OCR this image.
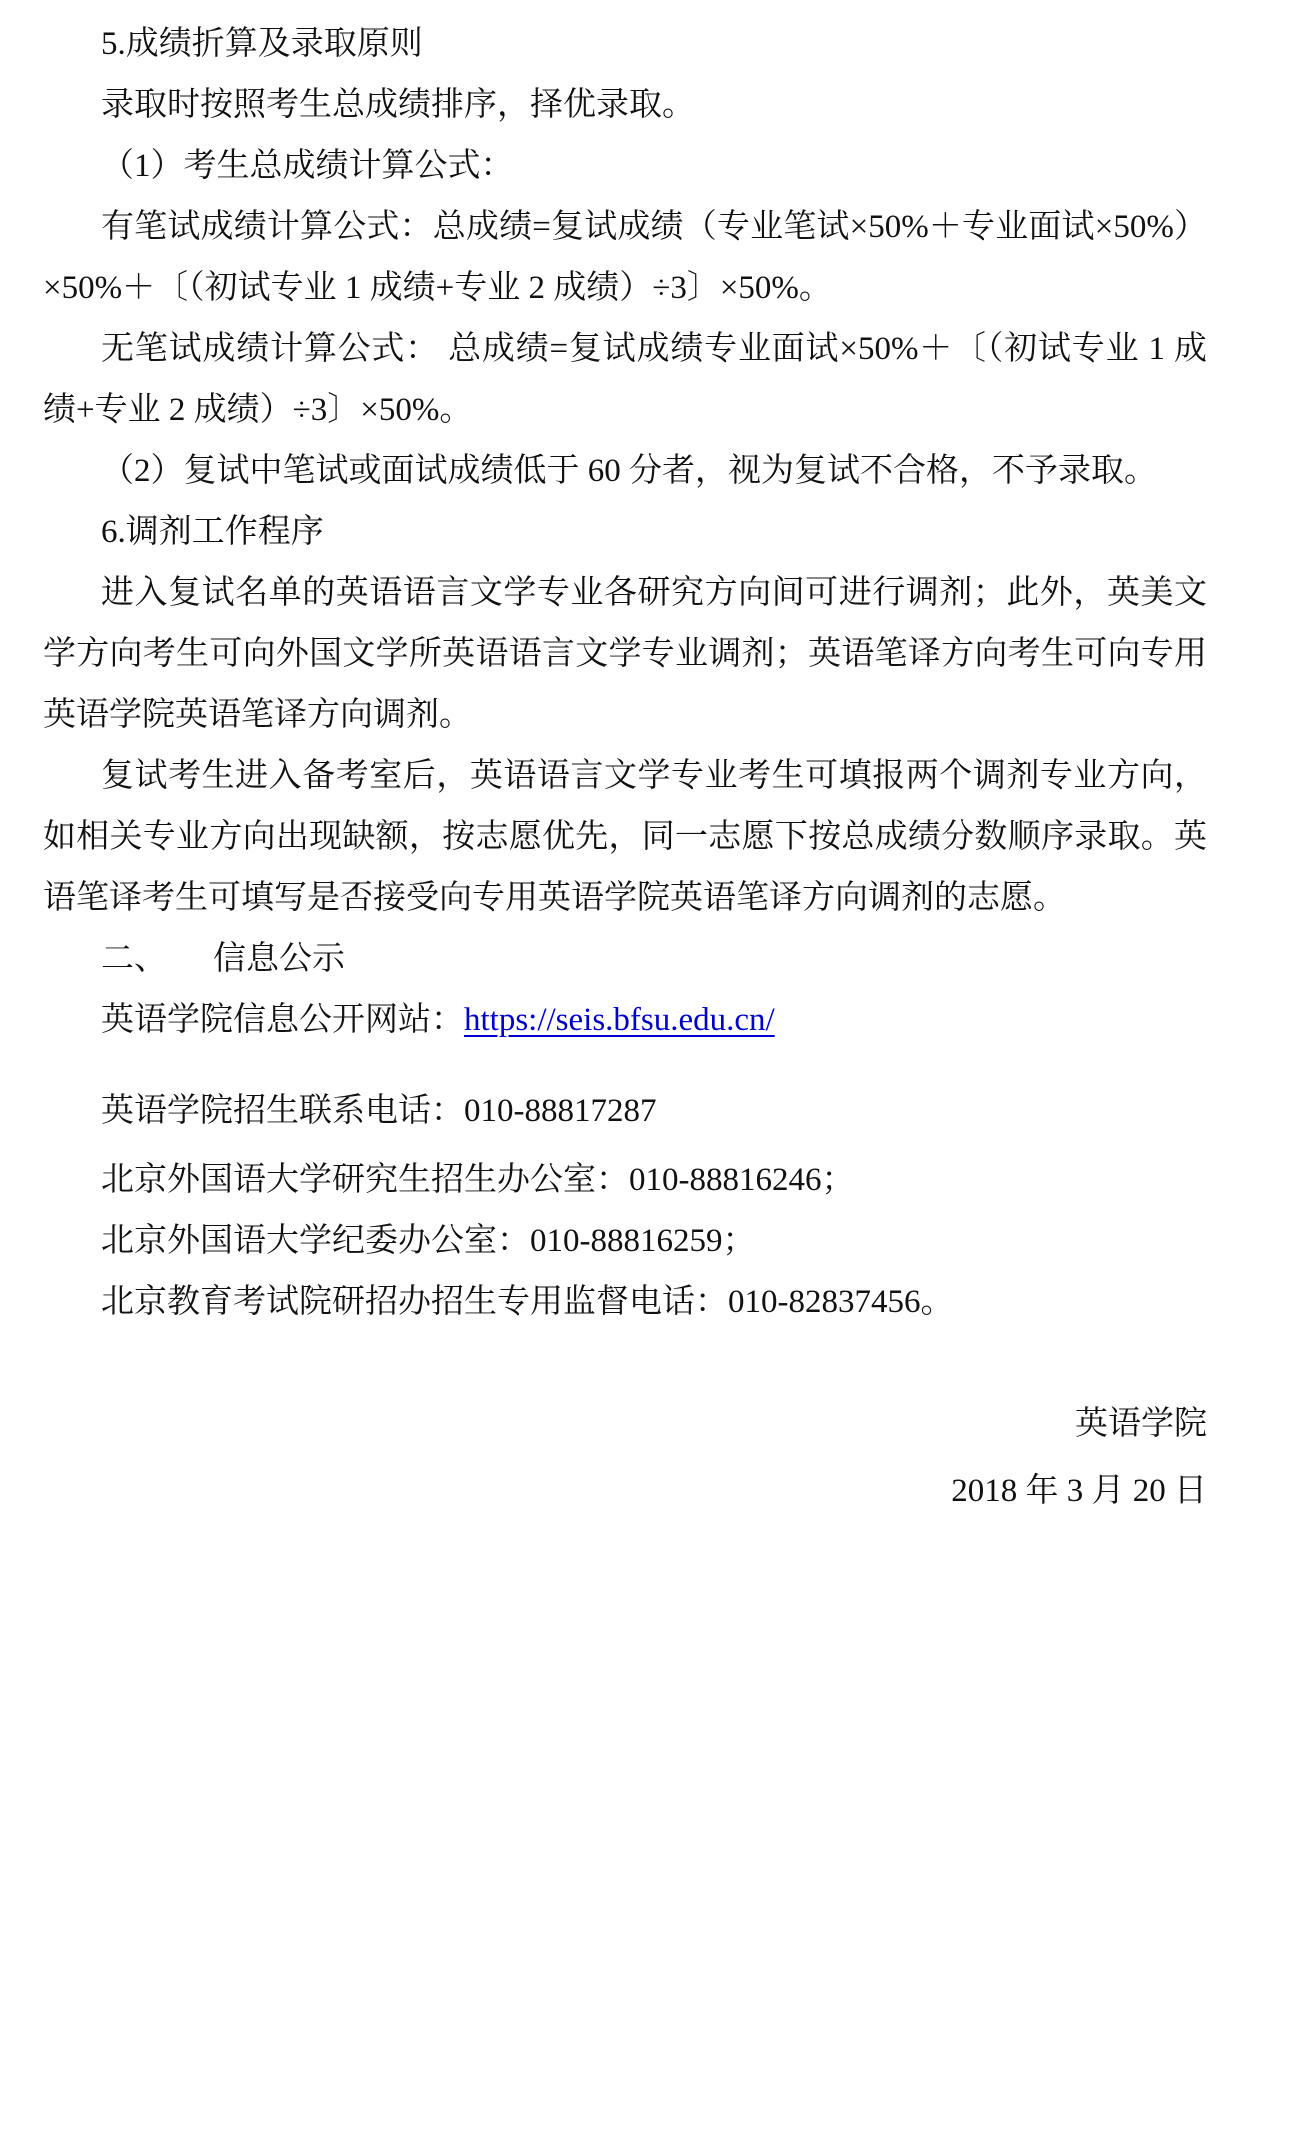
5.成绩折算及录取原则
录取时按照考生总成绩排序，择优录取。
（1）考生总成绩计算公式：
有笔试成绩计算公式：总成绩=复试成绩（专业笔试×50%＋专业面试×50%）
×50%＋〔（初试专业 1 成绩+专业 2 成绩）÷3〕×50%。
无笔试成绩计算公式： 总成绩=复试成绩专业面试×50%＋〔（初试专业 1 成
绩+专业 2 成绩）÷3〕×50%。
（2）复试中笔试或面试成绩低于 60 分者，视为复试不合格，不予录取。
6.调剂工作程序
进入复试名单的英语语言文学专业各研究方向间可进行调剂；此外，英美文
学方向考生可向外国文学所英语语言文学专业调剂；英语笔译方向考生可向专用
英语学院英语笔译方向调剂。
复试考生进入备考室后，英语语言文学专业考生可填报两个调剂专业方向，
如相关专业方向出现缺额，按志愿优先，同一志愿下按总成绩分数顺序录取。英
语笔译考生可填写是否接受向专用英语学院英语笔译方向调剂的志愿。
二、 信息公示
英语学院信息公开网站：https://seis.bfsu.edu.cn/
英语学院招生联系电话：010-88817287
北京外国语大学研究生招生办公室：010-88816246；
北京外国语大学纪委办公室：010-88816259；
北京教育考试院研招办招生专用监督电话：010-82837456。
英语学院
2018 年 3 月 20 日
